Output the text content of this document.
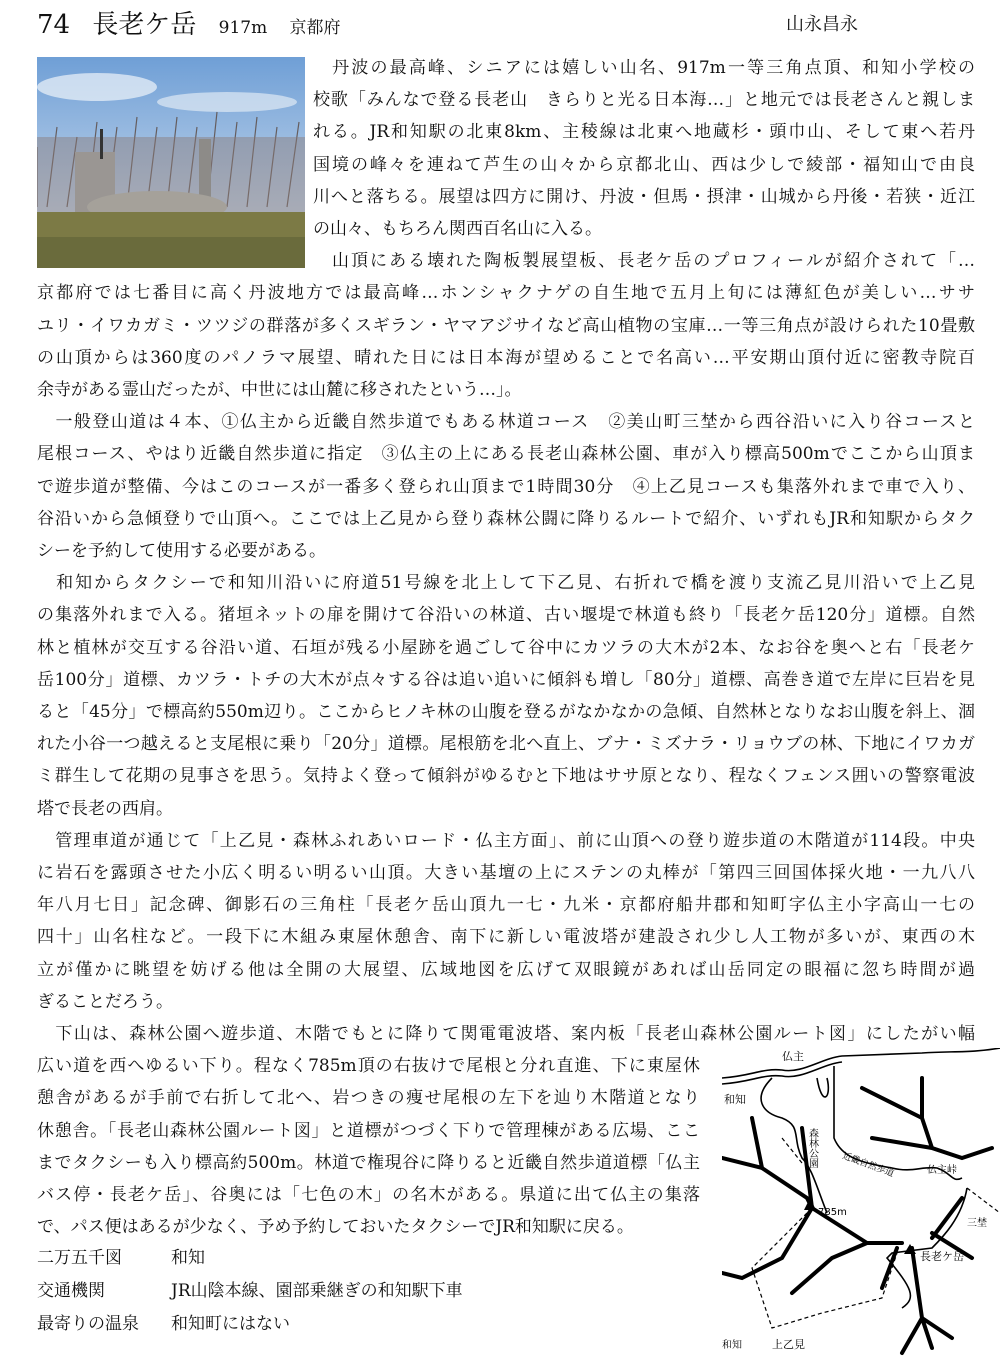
74 長老ケ岳 917m 京都府	山永昌永
　丹波の最高峰、シニアには嬉しい山名、917m一等三角点頂、和知小学校の
校歌「みんなで登る長老山　きらりと光る日本海…」と地元では長老さんと親しま
れる。JR和知駅の北東8km、主稜線は北東へ地蔵杉・頭巾山、そして東へ若丹
国境の峰々を連ねて芦生の山々から京都北山、西は少しで綾部・福知山で由良
川へと落ちる。展望は四方に開け、丹波・但馬・摂津・山城から丹後・若狭・近江
の山々、もちろん関西百名山に入る。
　山頂にある壊れた陶板製展望板、長老ケ岳のプロフィールが紹介されて「…
京都府では七番目に高く丹波地方では最高峰…ホンシャクナゲの自生地で五月上旬には薄紅色が美しい…ササ
ユリ・イワカガミ・ツツジの群落が多くスギラン・ヤマアジサイなど高山植物の宝庫…一等三角点が設けられた10畳敷
の山頂からは360度のパノラマ展望、晴れた日には日本海が望めることで名高い…平安期山頂付近に密教寺院百
余寺がある霊山だったが、中世には山麓に移されたという…」。
　一般登山道は４本、①仏主から近畿自然歩道でもある林道コース　②美山町三埜から西谷沿いに入り谷コースと
尾根コース、やはり近畿自然歩道に指定　③仏主の上にある長老山森林公園、車が入り標高500mでここから山頂ま
で遊歩道が整備、今はこのコースが一番多く登られ山頂まで1時間30分　④上乙見コースも集落外れまで車で入り、
谷沿いから急傾登りで山頂へ。ここでは上乙見から登り森林公闘に降りるルートで紹介、いずれもJR和知駅からタク
シーを予約して使用する必要がある。
　和知からタクシーで和知川沿いに府道51号線を北上して下乙見、右折れで橋を渡り支流乙見川沿いで上乙見
の集落外れまで入る。猪垣ネットの扉を開けて谷沿いの林道、古い堰堤で林道も終り「長老ケ岳120分」道標。自然
林と植林が交互する谷沿い道、石垣が残る小屋跡を過ごして谷中にカツラの大木が2本、なお谷を奥へと右「長老ケ
岳100分」道標、カツラ・トチの大木が点々する谷は追い追いに傾斜も増し「80分」道標、高巻き道で左岸に巨岩を見
ると「45分」で標高約550m辺り。ここからヒノキ林の山腹を登るがなかなかの急傾、自然林となりなお山腹を斜上、涸
れた小谷一つ越えると支尾根に乗り「20分」道標。尾根筋を北へ直上、ブナ・ミズナラ・リョウブの林、下地にイワカガ
ミ群生して花期の見事さを思う。気持よく登って傾斜がゆるむと下地はササ原となり、程なくフェンス囲いの警察電波
塔で長老の西肩。
　管理車道が通じて「上乙見・森林ふれあいロード・仏主方面」、前に山頂への登り遊歩道の木階道が114段。中央
に岩石を露頭させた小広く明るい明るい山頂。大きい基壇の上にステンの丸棒が「第四三回国体採火地・一九八八
年八月七日」記念碑、御影石の三角柱「長老ケ岳山頂九一七・九米・京都府船井郡和知町字仏主小字高山一七の
四十」山名柱など。一段下に木組み東屋休憩舎、南下に新しい電波塔が建設され少し人工物が多いが、東西の木
立が僅かに眺望を妨げる他は全開の大展望、広域地図を広げて双眼鏡があれば山岳同定の眼福に忽ち時間が過
ぎることだろう。
　下山は、森林公園へ遊歩道、木階でもとに降りて関電電波塔、案内板「長老山森林公園ルート図」にしたがい幅
広い道を西へゆるい下り。程なく785m頂の右抜けで尾根と分れ直進、下に東屋休
憩舎があるが手前で右折して北へ、岩つきの痩せ尾根の左下を辿り木階道となり
休憩舎。「長老山森林公園ルート図」と道標がつづく下りで管理棟がある広場、ここ
までタクシーも入り標高約500m。林道で権現谷に降りると近畿自然歩道道標「仏主
バス停・長老ケ岳」、谷奥には「七色の木」の名木がある。県道に出て仏主の集落
で、パス便はあるが少なく、予め予約しておいたタクシーでJR和知駅に戻る。
仏主
和知
森林公園	近畿自然歩道	仏主峠
三埜
785m
長老ケ岳
上乙見
和知
二万五千図	和知
交通機関	JR山陰本線、園部乗継ぎの和知駅下車
最寄りの温泉 和知町にはない
